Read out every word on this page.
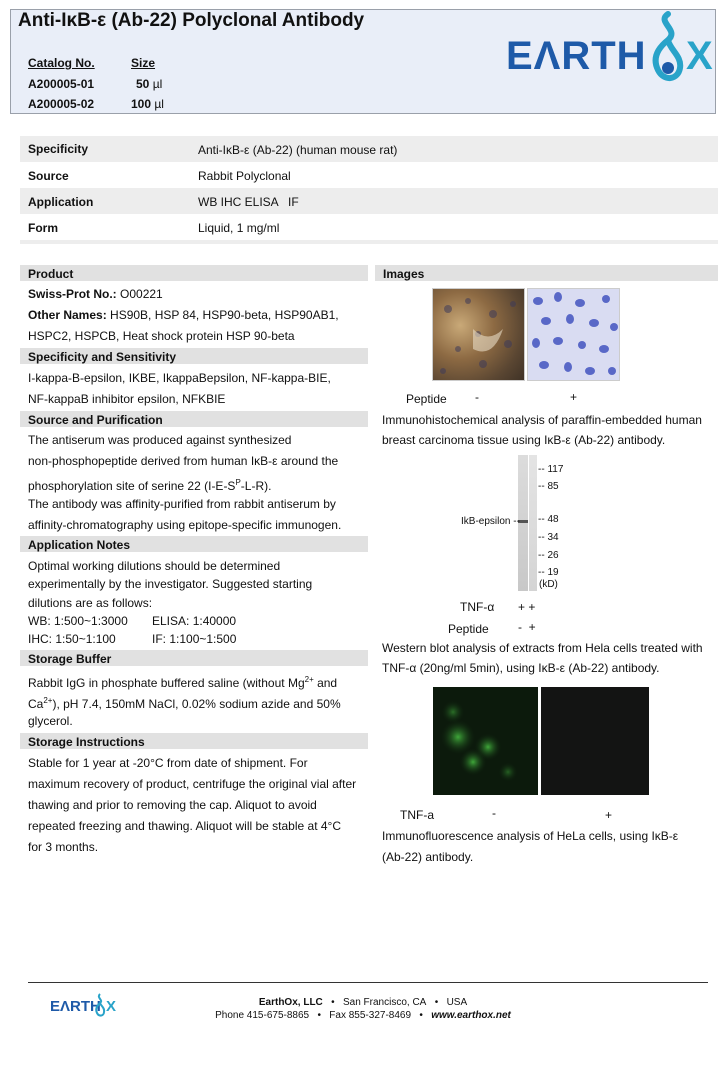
Anti-IκB-ε (Ab-22) Polyclonal Antibody
Catalog No.	Size
A200005-01	50 µl
A200005-02	100 µl
EΛRTH X
Specificity	Anti-IκB-ε (Ab-22) (human mouse rat)
Source	Rabbit Polyclonal
Application	WB IHC ELISA   IF
Form	Liquid, 1 mg/ml
Product
Swiss-Prot No.: O00221
Other Names: HS90B, HSP 84, HSP90-beta, HSP90AB1,
HSPC2, HSPCB, Heat shock protein HSP 90-beta
Specificity and Sensitivity
I-kappa-B-epsilon, IKBE, IkappaBepsilon, NF-kappa-BIE,
NF-kappaB inhibitor epsilon, NFKBIE
Source and Purification
The antiserum was produced against synthesized
non-phosphopeptide derived from human IκB-ε around the
phosphorylation site of serine 22 $(I-E-S^P-L-R)$.
The antibody was affinity-purified from rabbit antiserum by
affinity-chromatography using epitope-specific immunogen.
Application Notes
Optimal working dilutions should be determined
experimentally by the investigator. Suggested starting
dilutions are as follows:
WB: 1:500~1:3000 ELISA: 1:40000
IHC: 1:50~1:100	IF: 1:100~1:500
Storage Buffer
Rabbit IgG in phosphate buffered saline (without $Mg^{2+}$ and
$Ca^{2+}$), pH 7.4, 150mM NaCl, 0.02% sodium azide and 50%
glycerol.
Storage Instructions
Stable for 1 year at -20°C from date of shipment. For
maximum recovery of product, centrifuge the original vial after
thawing and prior to removing the cap. Aliquot to avoid
repeated freezing and thawing. Aliquot will be stable at 4°C
for 3 months.
Images
Peptide -	+
Immunohistochemical analysis of paraffin-embedded human
breast carcinoma tissue using IκB-ε (Ab-22) antibody.
IkB-epsilon --
-- 117
-- 85
-- 48
-- 34
-- 26
-- 19
(kD)
TNF-α + +
Peptide -  +
Western blot analysis of extracts from Hela cells treated with
TNF-α (20ng/ml 5min), using IκB-ε (Ab-22) antibody.
TNF-a	-	+
Immunofluorescence analysis of HeLa cells, using IκB-ε
(Ab-22) antibody.
EΛRTH X	EarthOx, LLC • San Francisco, CA • USA
Phone 415-675-8865 • Fax 855-327-8469 • www.earthox.net
